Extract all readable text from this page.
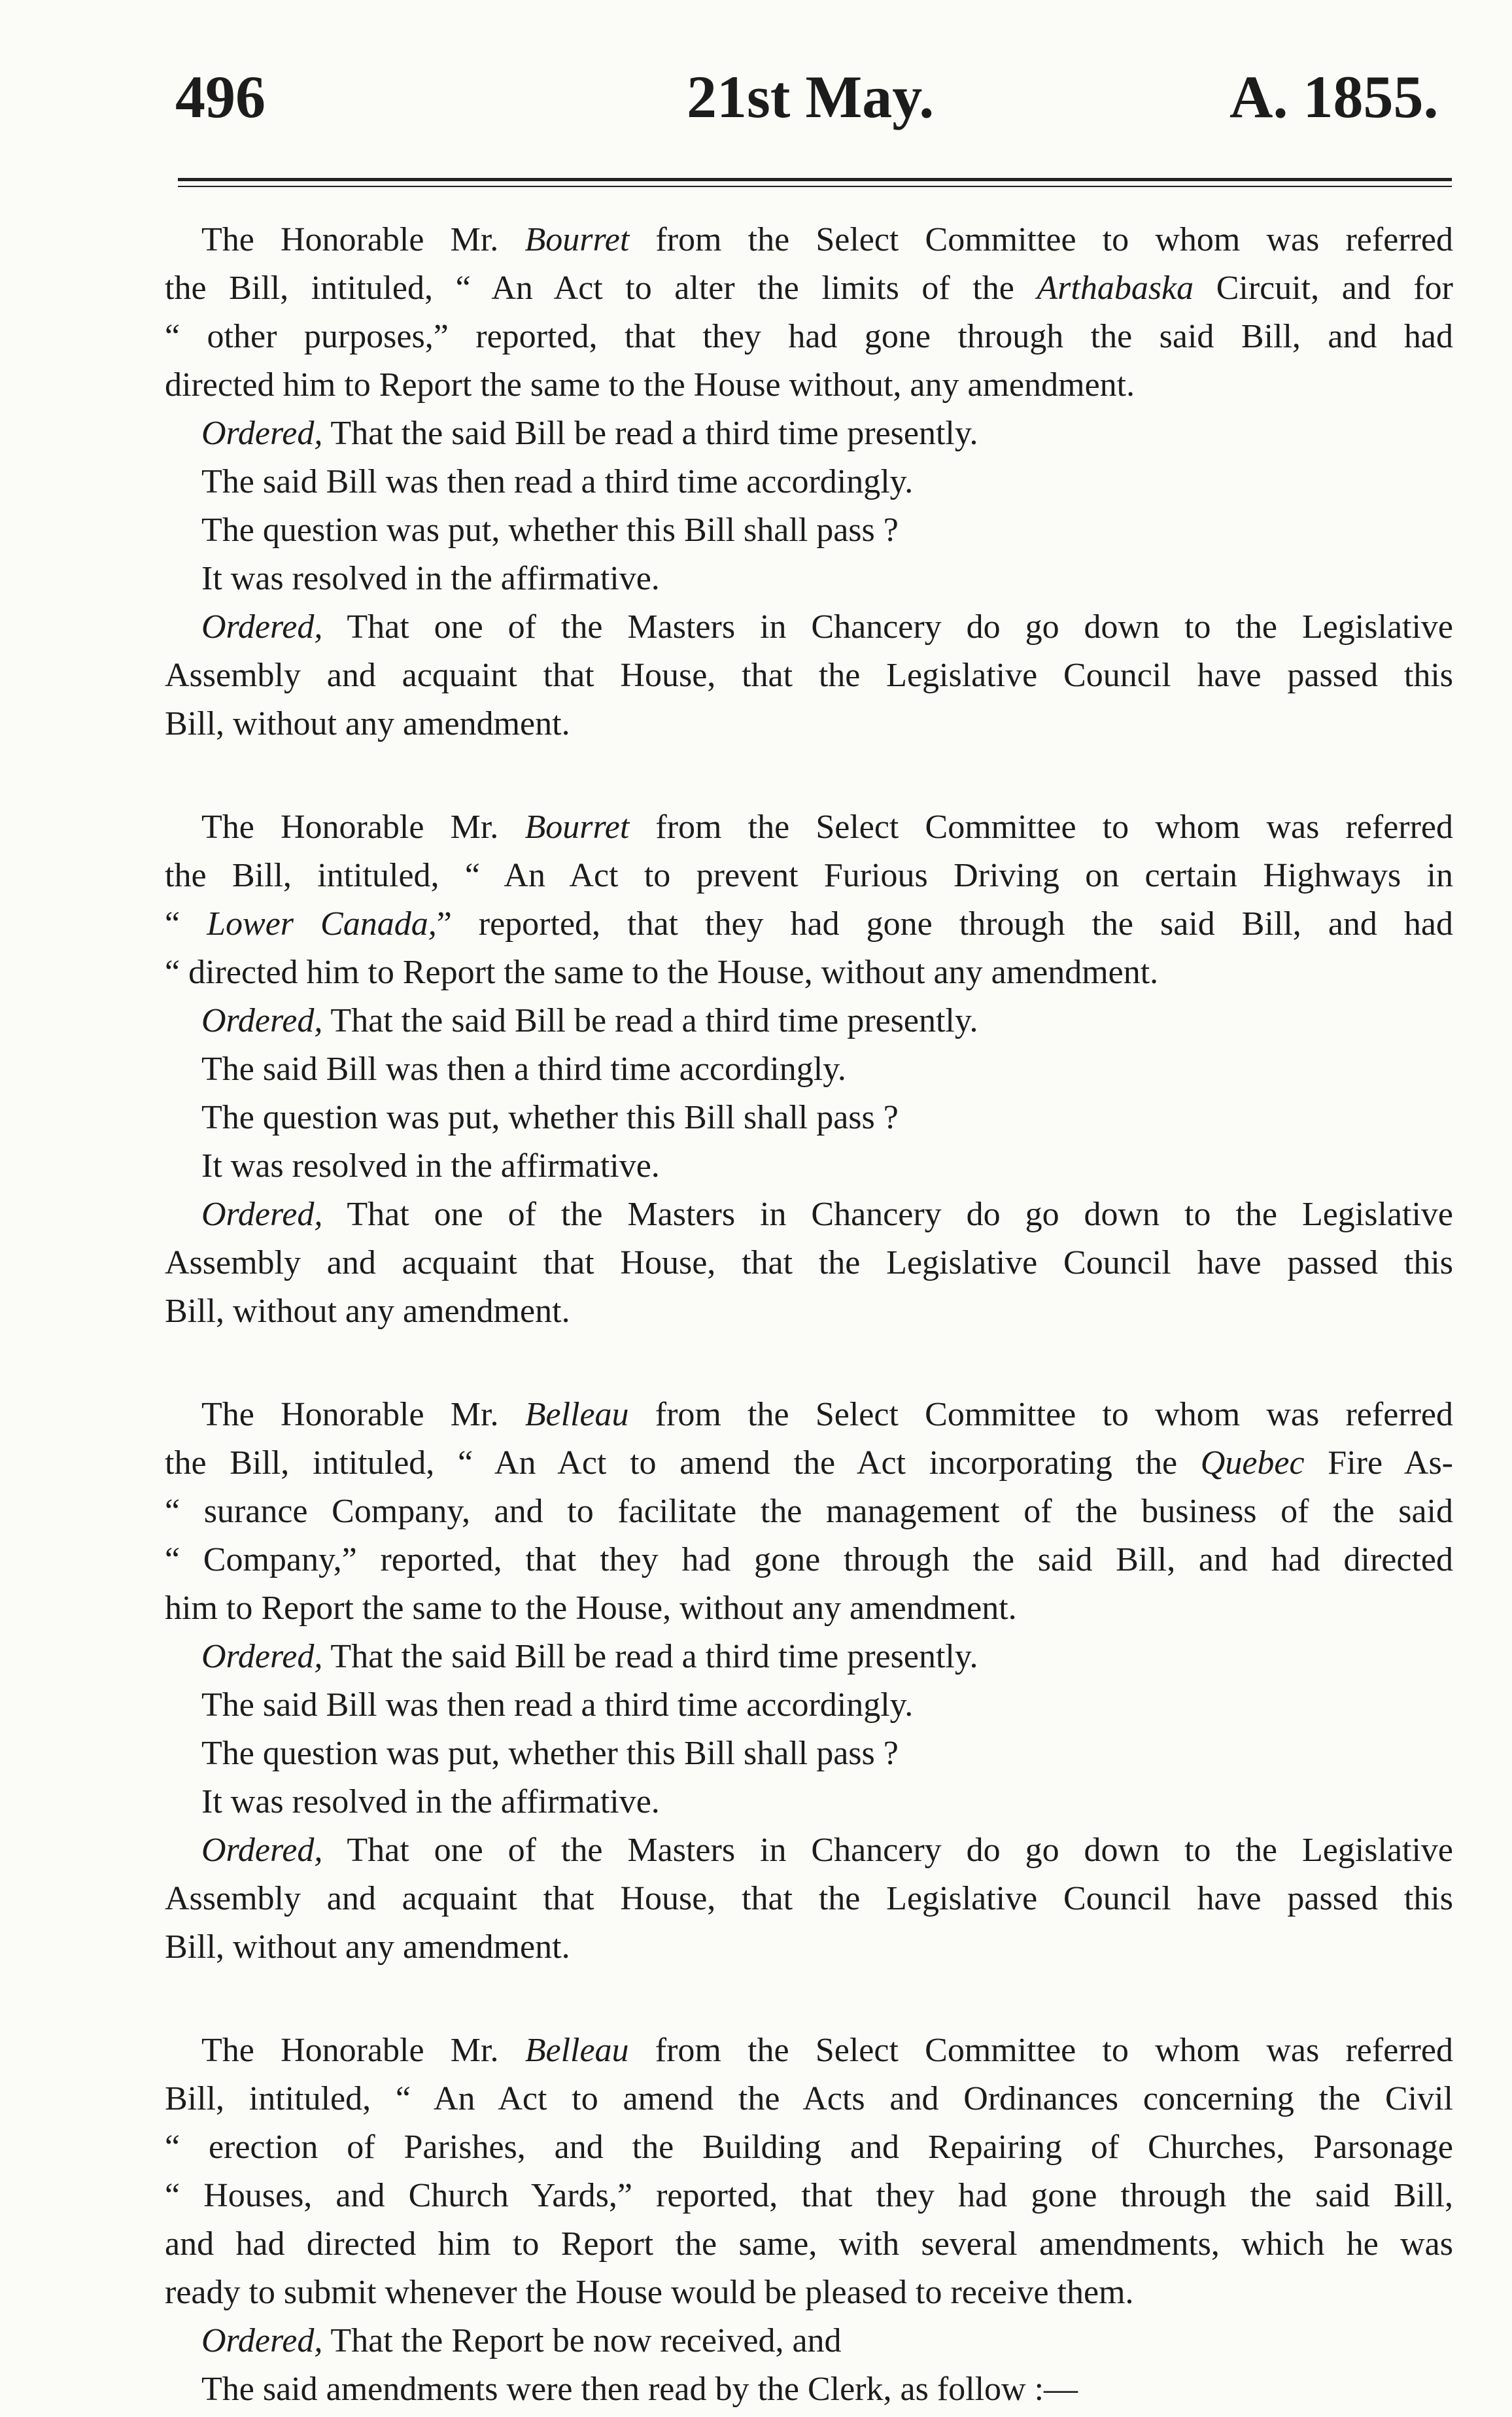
496	21st May.	A. 1855.
The Honorable Mr. Bourret from the Select Committee to whom was referred
the Bill, intituled, “ An Act to alter the limits of the Arthabaska Circuit, and for
“ other purposes,” reported, that they had gone through the said Bill, and had
directed him to Report the same to the House without, any amendment.
Ordered, That the said Bill be read a third time presently.
The said Bill was then read a third time accordingly.
The question was put, whether this Bill shall pass ?
It was resolved in the affirmative.
Ordered, That one of the Masters in Chancery do go down to the Legislative
Assembly and acquaint that House, that the Legislative Council have passed this
Bill, without any amendment.
The Honorable Mr. Bourret from the Select Committee to whom was referred
the Bill, intituled, “ An Act to prevent Furious Driving on certain Highways in
“ Lower Canada,” reported, that they had gone through the said Bill, and had
“ directed him to Report the same to the House, without any amendment.
Ordered, That the said Bill be read a third time presently.
The said Bill was then a third time accordingly.
The question was put, whether this Bill shall pass ?
It was resolved in the affirmative.
Ordered, That one of the Masters in Chancery do go down to the Legislative
Assembly and acquaint that House, that the Legislative Council have passed this
Bill, without any amendment.
The Honorable Mr. Belleau from the Select Committee to whom was referred
the Bill, intituled, “ An Act to amend the Act incorporating the Quebec Fire As-
“ surance Company, and to facilitate the management of the business of the said
“ Company,” reported, that they had gone through the said Bill, and had directed
him to Report the same to the House, without any amendment.
Ordered, That the said Bill be read a third time presently.
The said Bill was then read a third time accordingly.
The question was put, whether this Bill shall pass ?
It was resolved in the affirmative.
Ordered, That one of the Masters in Chancery do go down to the Legislative
Assembly and acquaint that House, that the Legislative Council have passed this
Bill, without any amendment.
The Honorable Mr. Belleau from the Select Committee to whom was referred
Bill, intituled, “ An Act to amend the Acts and Ordinances concerning the Civil
“ erection of Parishes, and the Building and Repairing of Churches, Parsonage
“ Houses, and Church Yards,” reported, that they had gone through the said Bill,
and had directed him to Report the same, with several amendments, which he was
ready to submit whenever the House would be pleased to receive them.
Ordered, That the Report be now received, and
The said amendments were then read by the Clerk, as follow :—
